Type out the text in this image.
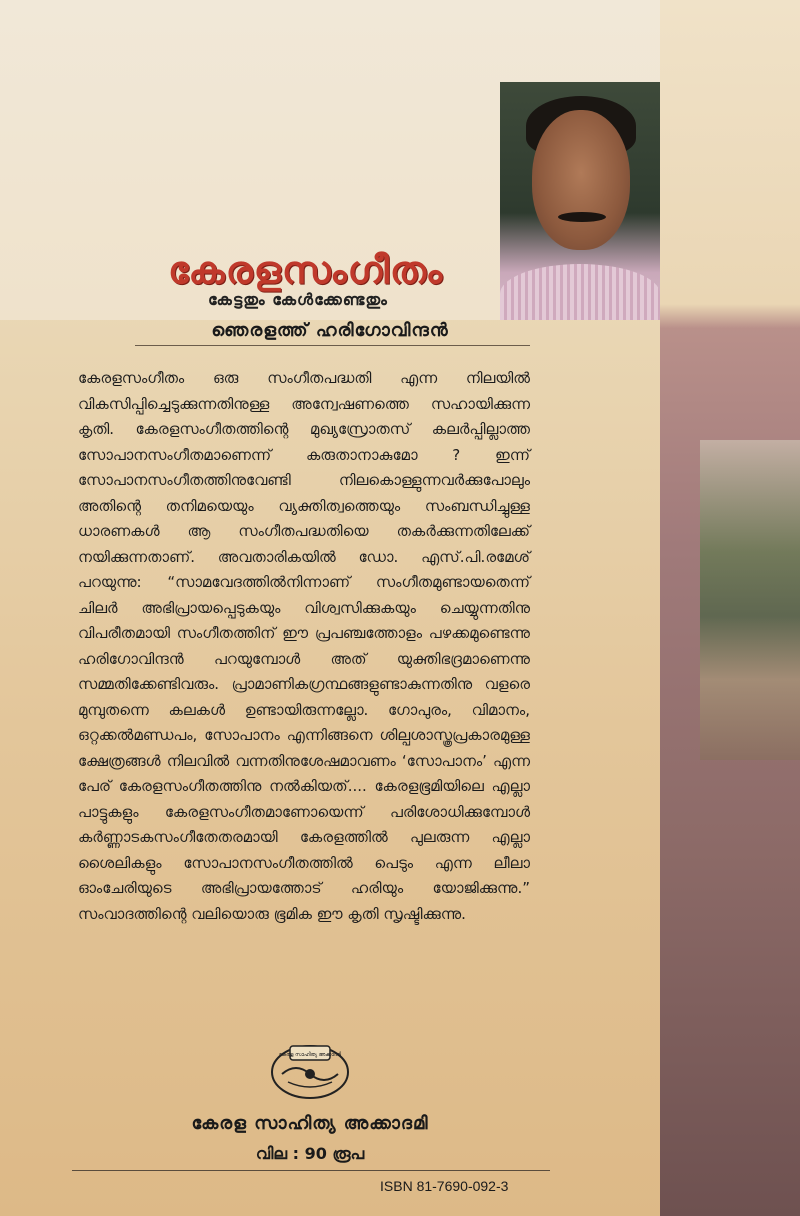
കേരളസംഗീതം
കേട്ടതും കേൾക്കേണ്ടതും
ഞെരളത്ത് ഹരിഗോവിന്ദൻ

കേരളസംഗീതം ഒരു സംഗീതപദ്ധതി എന്ന നിലയിൽ വികസിപ്പിച്ചെടുക്കുന്നതിനുള്ള അന്വേഷണത്തെ സഹായിക്കുന്ന കൃതി. കേരളസംഗീതത്തിന്റെ മുഖ്യസ്രോതസ് കലർപ്പില്ലാത്ത സോപാനസംഗീതമാണെന്ന് കരുതാനാകുമോ ? ഇന്ന് സോപാനസംഗീതത്തിനുവേണ്ടി നിലകൊള്ളുന്നവർക്കുപോലും അതിന്റെ തനിമയെയും വ്യക്തിത്വത്തെയും സംബന്ധിച്ചുള്ള ധാരണകൾ ആ സംഗീതപദ്ധതിയെ തകർക്കുന്നതിലേക്ക് നയിക്കുന്നതാണ്. അവതാരികയിൽ ഡോ. എസ്.പി.രമേശ് പറയുന്നു: “സാമവേദത്തിൽനിന്നാണ് സംഗീതമുണ്ടായതെന്ന് ചിലർ അഭിപ്രായപ്പെടുകയും വിശ്വസിക്കുകയും ചെയ്യുന്നതിനു വിപരീതമായി സംഗീതത്തിന് ഈ പ്രപഞ്ചത്തോളം പഴക്കമുണ്ടെന്നു ഹരിഗോവിന്ദൻ പറയുമ്പോൾ അത് യുക്തിഭദ്രമാണെന്നു സമ്മതിക്കേണ്ടിവരും. പ്രാമാണികഗ്രന്ഥങ്ങളുണ്ടാകുന്നതിനു വളരെ മുമ്പുതന്നെ കലകൾ ഉണ്ടായിരുന്നല്ലോ. ഗോപുരം, വിമാനം, ഒറ്റക്കൽമണ്ഡപം, സോപാനം എന്നിങ്ങനെ ശില്പശാസ്ത്രപ്രകാരമുള്ള ക്ഷേത്രങ്ങൾ നിലവിൽ വന്നതിനുശേഷമാവണം ‘സോപാനം’ എന്ന പേര് കേരളസംഗീതത്തിനു നൽകിയത്.... കേരളഭൂമിയിലെ എല്ലാ പാട്ടുകളും കേരളസംഗീതമാണോയെന്ന് പരിശോധിക്കുമ്പോൾ കർണ്ണാടകസംഗീതേതരമായി കേരളത്തിൽ പുലരുന്ന എല്ലാ ശൈലികളും സോപാനസംഗീതത്തിൽ പെടും എന്ന ലീലാ ഓംചേരിയുടെ അഭിപ്രായത്തോട് ഹരിയും യോജിക്കുന്നു.” സംവാദത്തിന്റെ വലിയൊരു ഭൂമിക ഈ കൃതി സൃഷ്ടിക്കുന്നു.

കേരള സാഹിത്യ അക്കാദമി
കേരള സാഹിത്യ അക്കാദമി
വില : 90 രൂപ
ISBN 81-7690-092-3
